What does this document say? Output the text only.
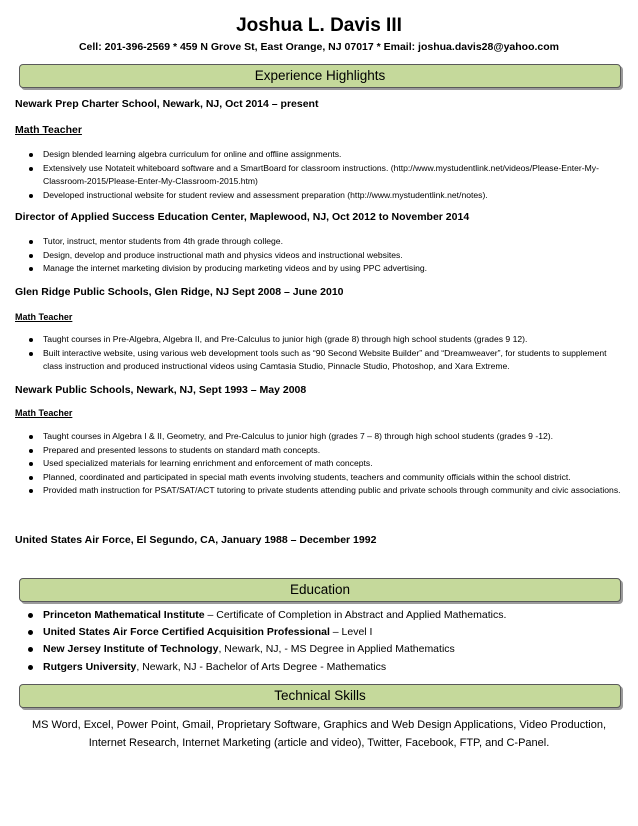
Joshua L. Davis III
Cell: 201-396-2569 * 459 N Grove St, East Orange, NJ 07017 * Email: joshua.davis28@yahoo.com
Experience Highlights
Newark Prep Charter School, Newark, NJ, Oct 2014 – present
Math Teacher
Design blended learning algebra curriculum for online and offline assignments.
Extensively use Notateit whiteboard software and a SmartBoard for classroom instructions. (http://www.mystudentlink.net/videos/Please-Enter-My-Classroom-2015/Please-Enter-My-Classroom-2015.htm)
Developed instructional website for student review and assessment preparation (http://www.mystudentlink.net/notes).
Director of Applied Success Education Center, Maplewood, NJ, Oct 2012 to November 2014
Tutor, instruct, mentor students from 4th grade through college.
Design, develop and produce instructional math and physics videos and instructional websites.
Manage the internet marketing division by producing marketing videos and by using PPC advertising.
Glen Ridge Public Schools, Glen Ridge, NJ Sept 2008 – June 2010
Math Teacher
Taught courses in Pre-Algebra, Algebra II, and Pre-Calculus to junior high (grade 8) through high school students (grades 9 12).
Built interactive website, using various web development tools such as “90 Second Website Builder” and “Dreamweaver”, for students to supplement class instruction and produced instructional videos using Camtasia Studio, Pinnacle Studio, Photoshop, and Xara Extreme.
Newark Public Schools, Newark, NJ, Sept 1993 – May 2008
Math Teacher
Taught courses in Algebra I & II, Geometry, and Pre-Calculus to junior high (grades 7 – 8) through high school students (grades 9 -12).
Prepared and presented lessons to students on standard math concepts.
Used specialized materials for learning enrichment and enforcement of math concepts.
Planned, coordinated and participated in special math events involving students, teachers and community officials within the school district.
Provided math instruction for PSAT/SAT/ACT tutoring to private students attending public and private schools through community and civic associations.
United States Air Force, El Segundo, CA, January 1988 – December 1992
Education
Princeton Mathematical Institute – Certificate of Completion in Abstract and Applied Mathematics.
United States Air Force Certified Acquisition Professional – Level I
New Jersey Institute of Technology, Newark, NJ, - MS Degree in Applied Mathematics
Rutgers University, Newark, NJ - Bachelor of Arts Degree - Mathematics
Technical Skills
MS Word, Excel, Power Point, Gmail, Proprietary Software, Graphics and Web Design Applications, Video Production, Internet Research, Internet Marketing (article and video), Twitter, Facebook, FTP, and C-Panel.
